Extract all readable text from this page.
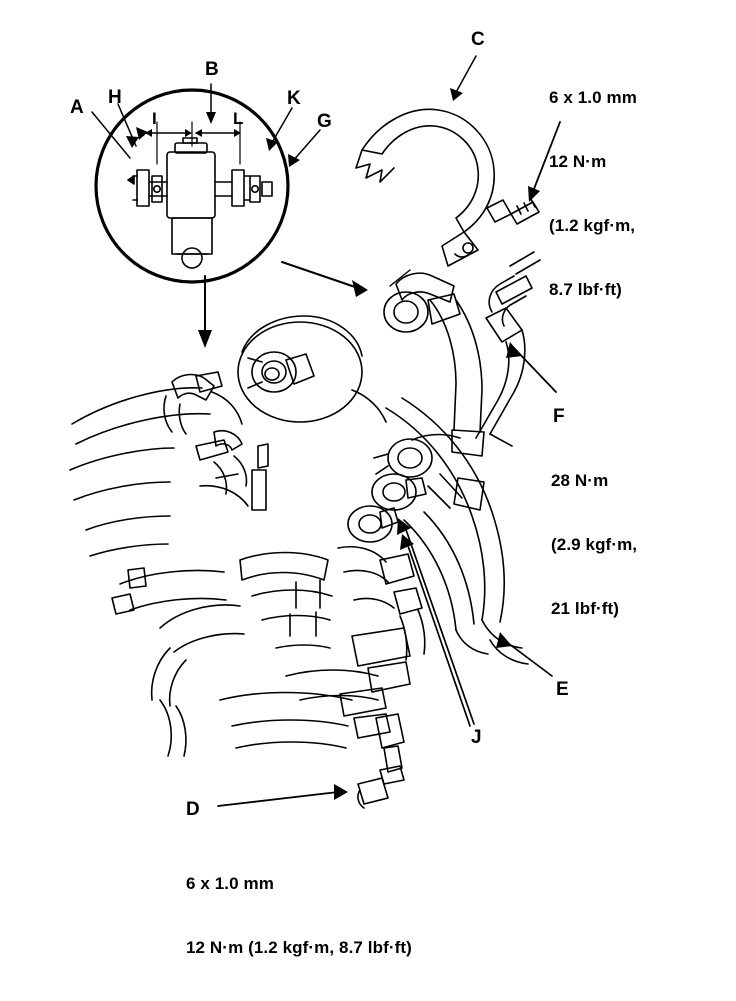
A H
B
K
G
I	L
C
F
E
J
D

6 x 1.0 mm

12 N·m

(1.2 kgf·m,

8.7 lbf·ft)

28 N·m

(2.9 kgf·m,

21 lbf·ft)

6 x 1.0 mm

12 N·m (1.2 kgf·m, 8.7 lbf·ft)
